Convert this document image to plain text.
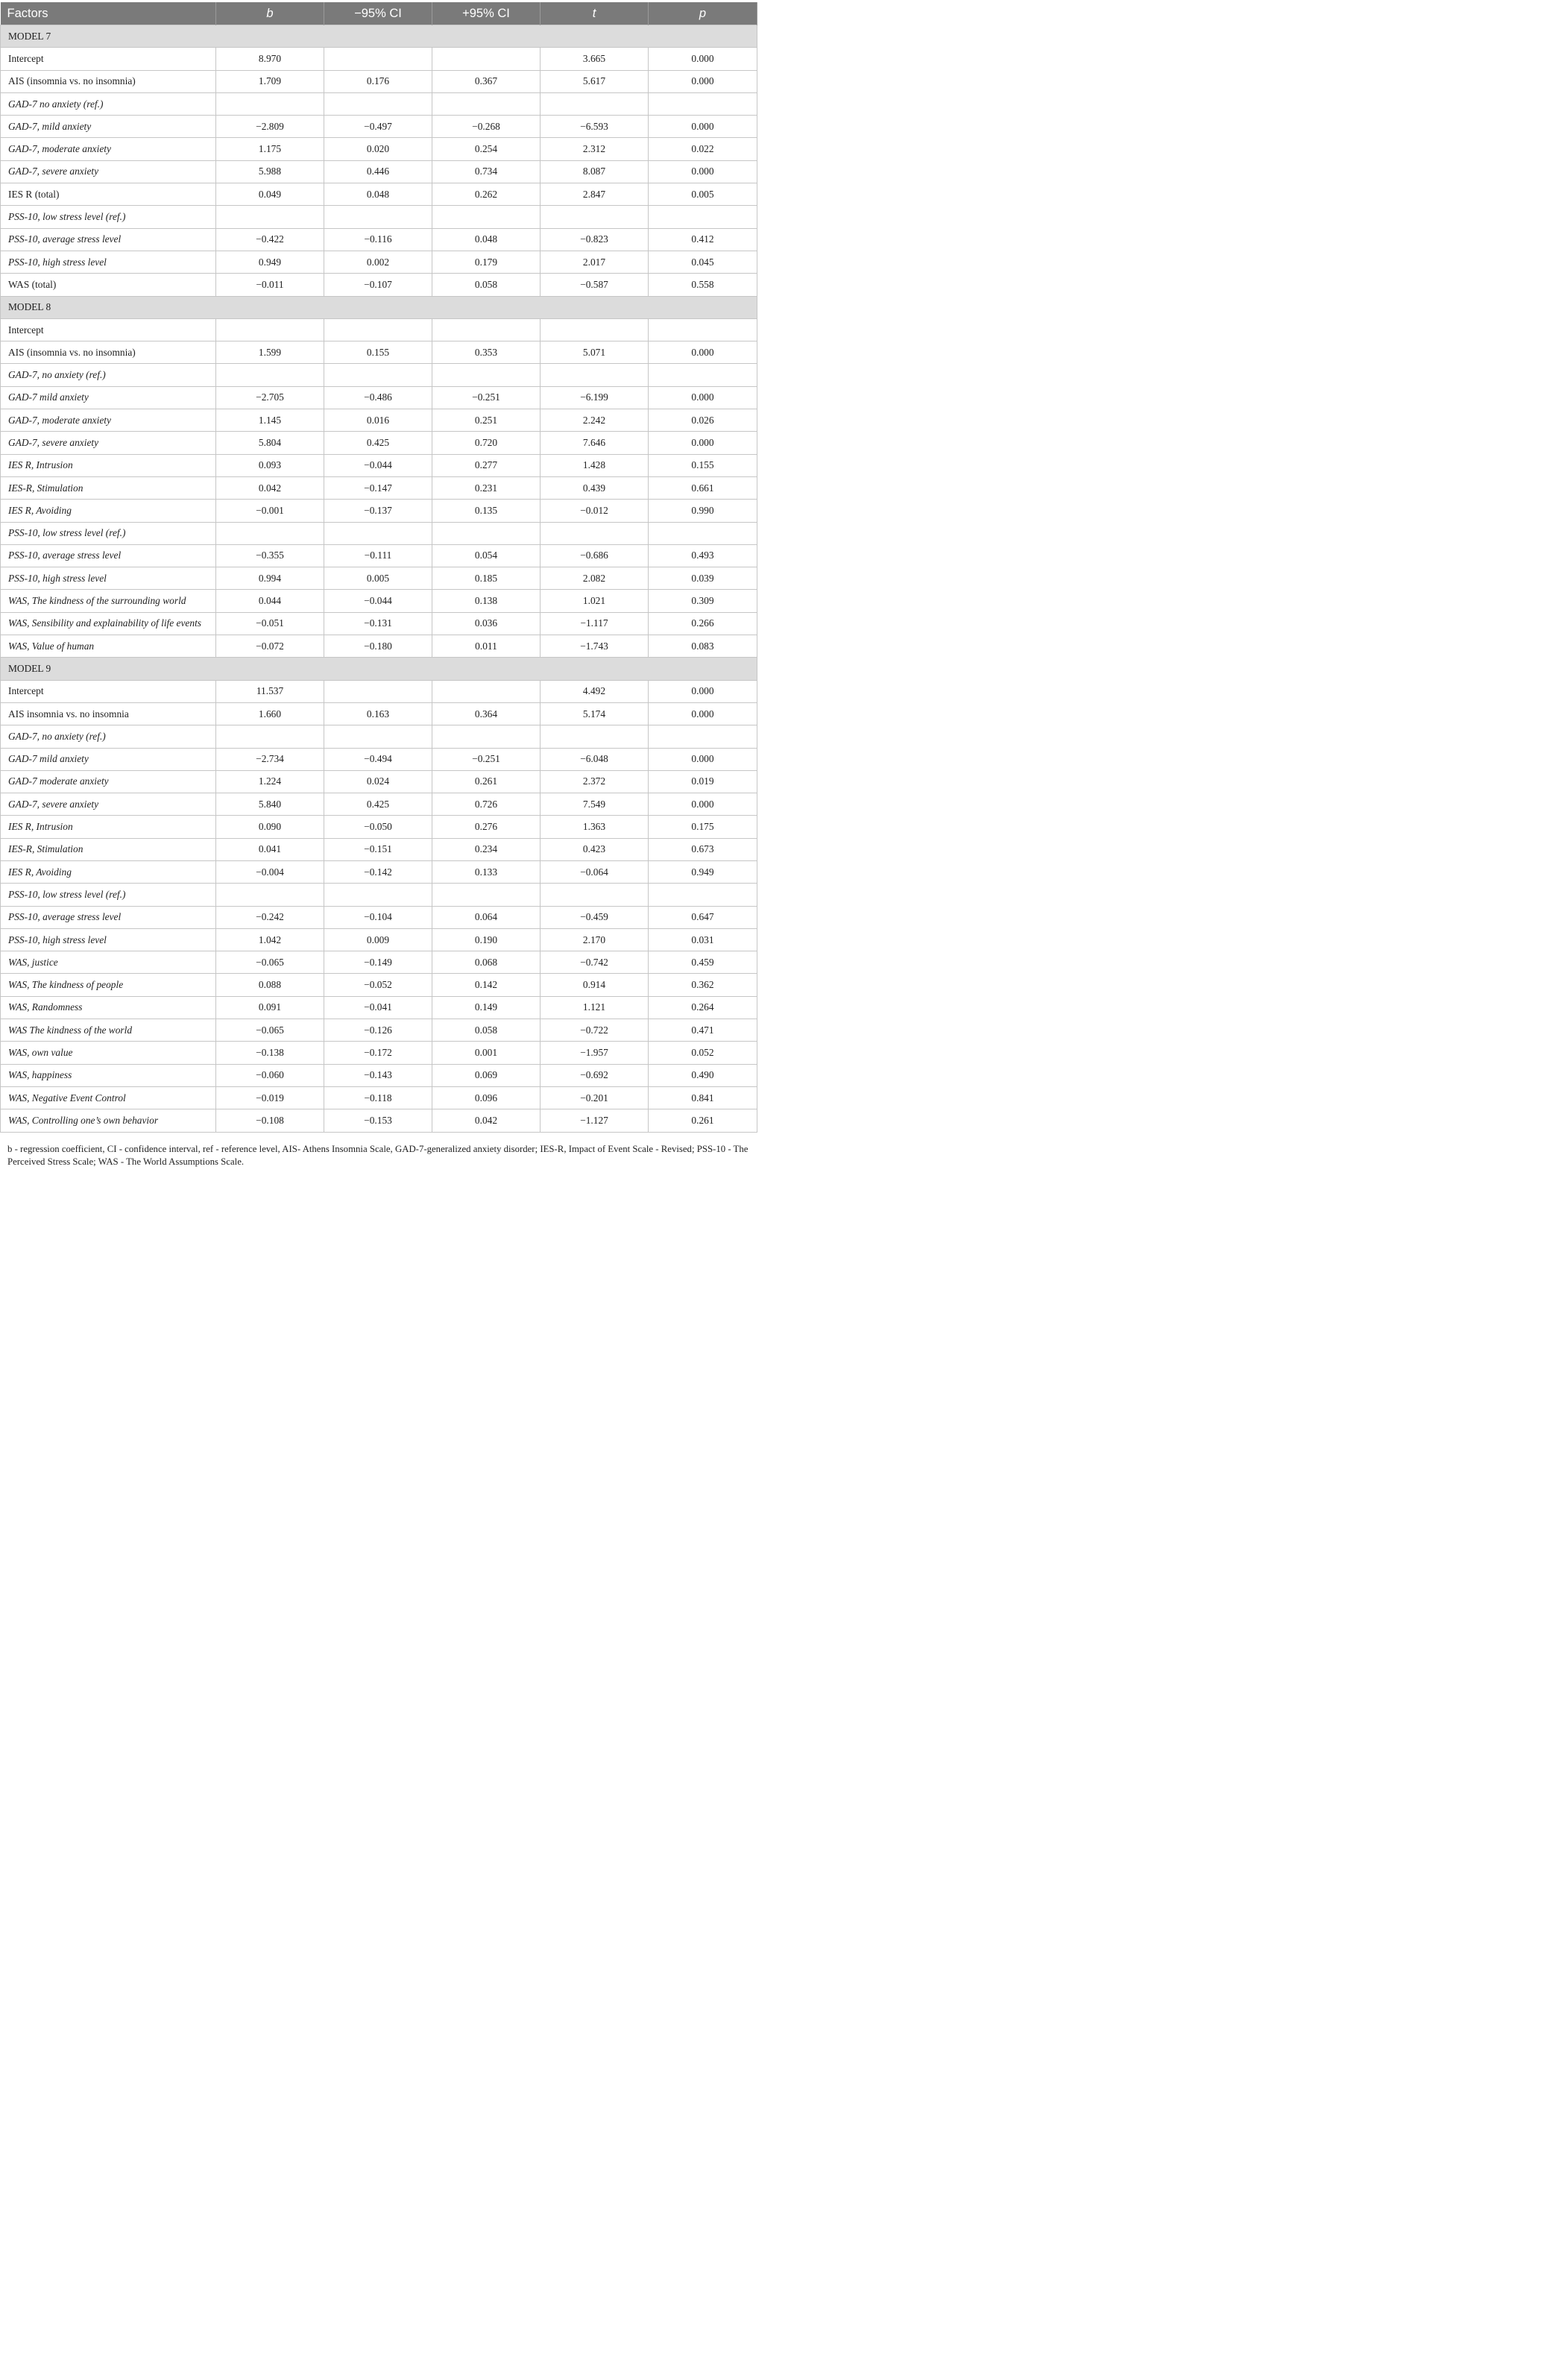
Factors	b	−95% CI	+95% CI	t	p
MODEL 7					
Intercept	8.970			3.665	0.000
AIS (insomnia vs. no insomnia)	1.709	0.176	0.367	5.617	0.000
GAD-7 no anxiety (ref.)					
GAD-7, mild anxiety	−2.809	−0.497	−0.268	−6.593	0.000
GAD-7, moderate anxiety	1.175	0.020	0.254	2.312	0.022
GAD-7, severe anxiety	5.988	0.446	0.734	8.087	0.000
IES R (total)	0.049	0.048	0.262	2.847	0.005
PSS-10, low stress level (ref.)					
PSS-10, average stress level	−0.422	−0.116	0.048	−0.823	0.412
PSS-10, high stress level	0.949	0.002	0.179	2.017	0.045
WAS (total)	−0.011	−0.107	0.058	−0.587	0.558
MODEL 8					
Intercept					
AIS (insomnia vs. no insomnia)	1.599	0.155	0.353	5.071	0.000
GAD-7, no anxiety (ref.)					
GAD-7 mild anxiety	−2.705	−0.486	−0.251	−6.199	0.000
GAD-7, moderate anxiety	1.145	0.016	0.251	2.242	0.026
GAD-7, severe anxiety	5.804	0.425	0.720	7.646	0.000
IES R, Intrusion	0.093	−0.044	0.277	1.428	0.155
IES-R, Stimulation	0.042	−0.147	0.231	0.439	0.661
IES R, Avoiding	−0.001	−0.137	0.135	−0.012	0.990
PSS-10, low stress level (ref.)					
PSS-10, average stress level	−0.355	−0.111	0.054	−0.686	0.493
PSS-10, high stress level	0.994	0.005	0.185	2.082	0.039
WAS, The kindness of the surrounding world	0.044	−0.044	0.138	1.021	0.309
WAS, Sensibility and explainability of life events	−0.051	−0.131	0.036	−1.117	0.266
WAS, Value of human	−0.072	−0.180	0.011	−1.743	0.083
MODEL 9					
Intercept	11.537			4.492	0.000
AIS insomnia vs. no insomnia	1.660	0.163	0.364	5.174	0.000
GAD-7, no anxiety (ref.)					
GAD-7 mild anxiety	−2.734	−0.494	−0.251	−6.048	0.000
GAD-7 moderate anxiety	1.224	0.024	0.261	2.372	0.019
GAD-7, severe anxiety	5.840	0.425	0.726	7.549	0.000
IES R, Intrusion	0.090	−0.050	0.276	1.363	0.175
IES-R, Stimulation	0.041	−0.151	0.234	0.423	0.673
IES R, Avoiding	−0.004	−0.142	0.133	−0.064	0.949
PSS-10, low stress level (ref.)					
PSS-10, average stress level	−0.242	−0.104	0.064	−0.459	0.647
PSS-10, high stress level	1.042	0.009	0.190	2.170	0.031
WAS, justice	−0.065	−0.149	0.068	−0.742	0.459
WAS, The kindness of people	0.088	−0.052	0.142	0.914	0.362
WAS, Randomness	0.091	−0.041	0.149	1.121	0.264
WAS The kindness of the world	−0.065	−0.126	0.058	−0.722	0.471
WAS, own value	−0.138	−0.172	0.001	−1.957	0.052
WAS, happiness	−0.060	−0.143	0.069	−0.692	0.490
WAS, Negative Event Control	−0.019	−0.118	0.096	−0.201	0.841
WAS, Controlling one’s own behavior	−0.108	−0.153	0.042	−1.127	0.261
b - regression coefficient, CI - confidence interval, ref - reference level, AIS- Athens Insomnia Scale, GAD-7-generalized anxiety disorder; IES-R, Impact of Event Scale - Revised; PSS-10 - The Perceived Stress Scale; WAS - The World Assumptions Scale.
